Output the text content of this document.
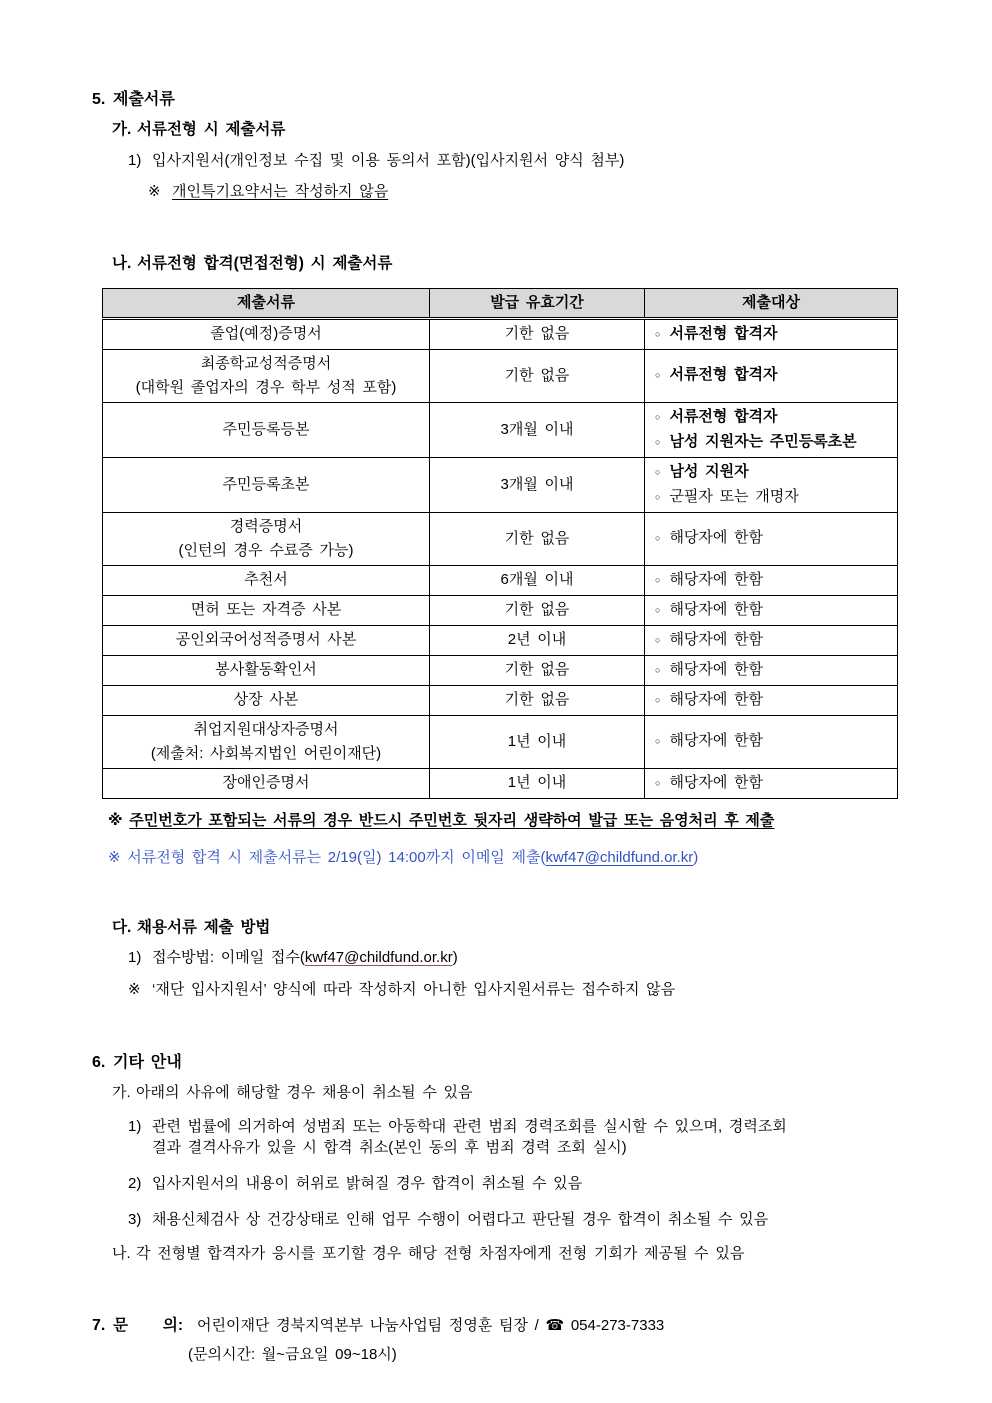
5. 제출서류
가. 서류전형 시 제출서류
1) 입사지원서(개인정보 수집 및 이용 동의서 포함)(입사지원서 양식 첨부)
※ 개인특기요약서는 작성하지 않음
나. 서류전형 합격(면접전형) 시 제출서류
제출서류	발급 유효기간	제출대상
졸업(예정)증명서	기한 없음	○ 서류전형 합격자

최종학교성적증명서
(대학원 졸업자의 경우 학부 성적 포함)
	기한 없음	○ 서류전형 합격자

주민등록등본	3개월 이내	○ 서류전형 합격자
○ 남성 지원자는 주민등록초본

주민등록초본	3개월 이내	○ 남성 지원자
○ 군필자 또는 개명자

경력증명서
(인턴의 경우 수료증 가능)
	기한 없음	○ 해당자에 한함

추천서	6개월 이내	○ 해당자에 한함

면허 또는 자격증 사본	기한 없음	○ 해당자에 한함

공인외국어성적증명서 사본	2년 이내	○ 해당자에 한함

봉사활동확인서	기한 없음	○ 해당자에 한함

상장 사본	기한 없음	○ 해당자에 한함

취업지원대상자증명서
(제출처: 사회복지법인 어린이재단)
	1년 이내	○ 해당자에 한함

장애인증명서	1년 이내	○ 해당자에 한함
※ 주민번호가 포함되는 서류의 경우 반드시 주민번호 뒷자리 생략하여 발급 또는 음영처리 후 제출
※ 서류전형 합격 시 제출서류는 2/19(일) 14:00까지 이메일 제출(kwf47@childfund.or.kr)
다. 채용서류 제출 방법
1) 접수방법: 이메일 접수(kwf47@childfund.or.kr)
※ ‘재단 입사지원서’ 양식에 따라 작성하지 아니한 입사지원서류는 접수하지 않음
6. 기타 안내
가. 아래의 사유에 해당할 경우 채용이 취소될 수 있음
1) 관련 법률에 의거하여 성범죄 또는 아동학대 관련 범죄 경력조회를 실시할 수 있으며, 경력조회
결과 결격사유가 있을 시 합격 취소(본인 동의 후 범죄 경력 조회 실시)
2) 입사지원서의 내용이 허위로 밝혀질 경우 합격이 취소될 수 있음
3) 채용신체검사 상 건강상태로 인해 업무 수행이 어렵다고 판단될 경우 합격이 취소될 수 있음
나. 각 전형별 합격자가 응시를 포기할 경우 해당 전형 차점자에게 전형 기회가 제공될 수 있음
7. 문 의: 어린이재단 경북지역본부 나눔사업팀 정영훈 팀장 / ☎ 054-273-7333
(문의시간: 월~금요일 09~18시)
